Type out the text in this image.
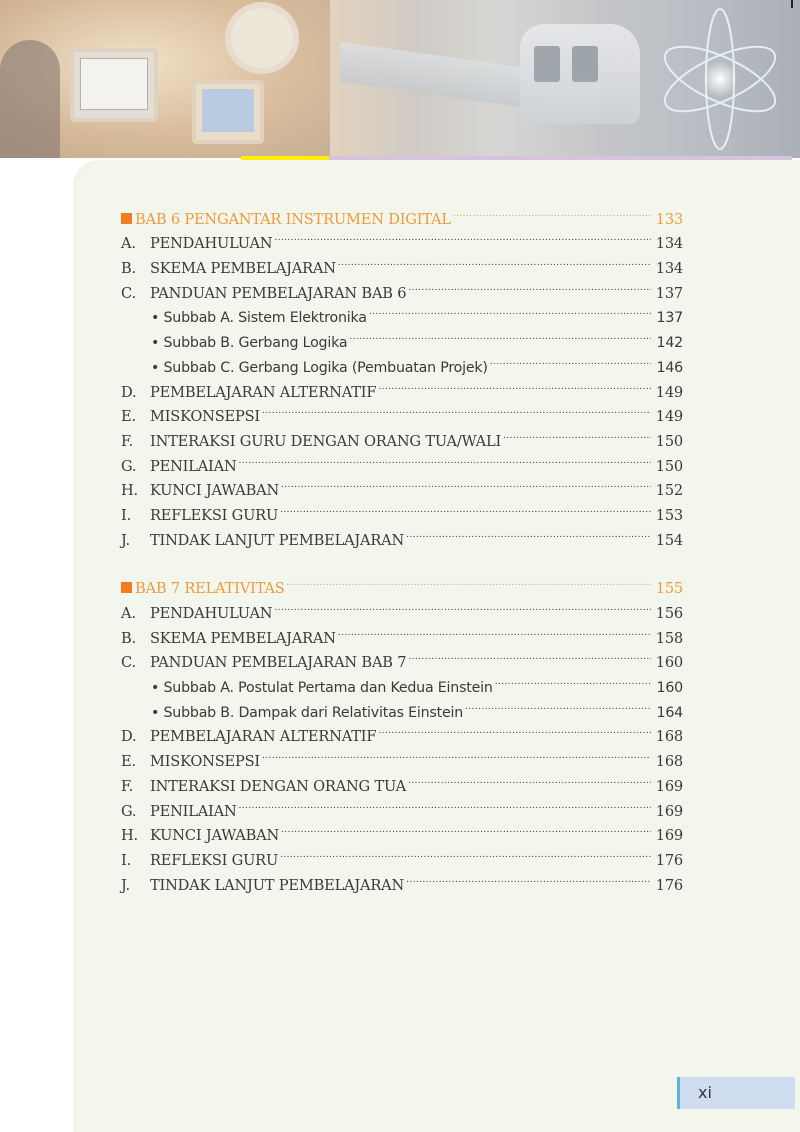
BAB 6 PENGANTAR INSTRUMEN DIGITAL .....	133
A. PENDAHULUAN .....	134
B. SKEMA PEMBELAJARAN .....	134
C. PANDUAN PEMBELAJARAN BAB 6 .....	137
•
Subbab A. Sistem Elektronika .....	137
•
Subbab B. Gerbang Logika .....	142
•
Subbab C. Gerbang Logika (Pembuatan Projek) .....	146
D. PEMBELAJARAN ALTERNATIF .....	149
E. MISKONSEPSI .....	149
F.	INTERAKSI GURU DENGAN ORANG TUA/WALI .....	150
G. PENILAIAN .....	150
H. KUNCI JAWABAN .....	152
I.	REFLEKSI GURU .....	153
J.	TINDAK LANJUT PEMBELAJARAN .....	154
BAB 7 RELATIVITAS .....	155
A. PENDAHULUAN .....	156
B. SKEMA PEMBELAJARAN .....	158
C. PANDUAN PEMBELAJARAN BAB 7 .....	160
•
Subbab A. Postulat Pertama dan Kedua Einstein .....	160
•
Subbab B. Dampak dari Relativitas Einstein .....	164
D. PEMBELAJARAN ALTERNATIF .....	168
E. MISKONSEPSI .....	168
F.	INTERAKSI DENGAN ORANG TUA .....	169
G. PENILAIAN .....	169
H. KUNCI JAWABAN .....	169
I.	REFLEKSI GURU .....	176
J.	TINDAK LANJUT PEMBELAJARAN .....	176
xi
